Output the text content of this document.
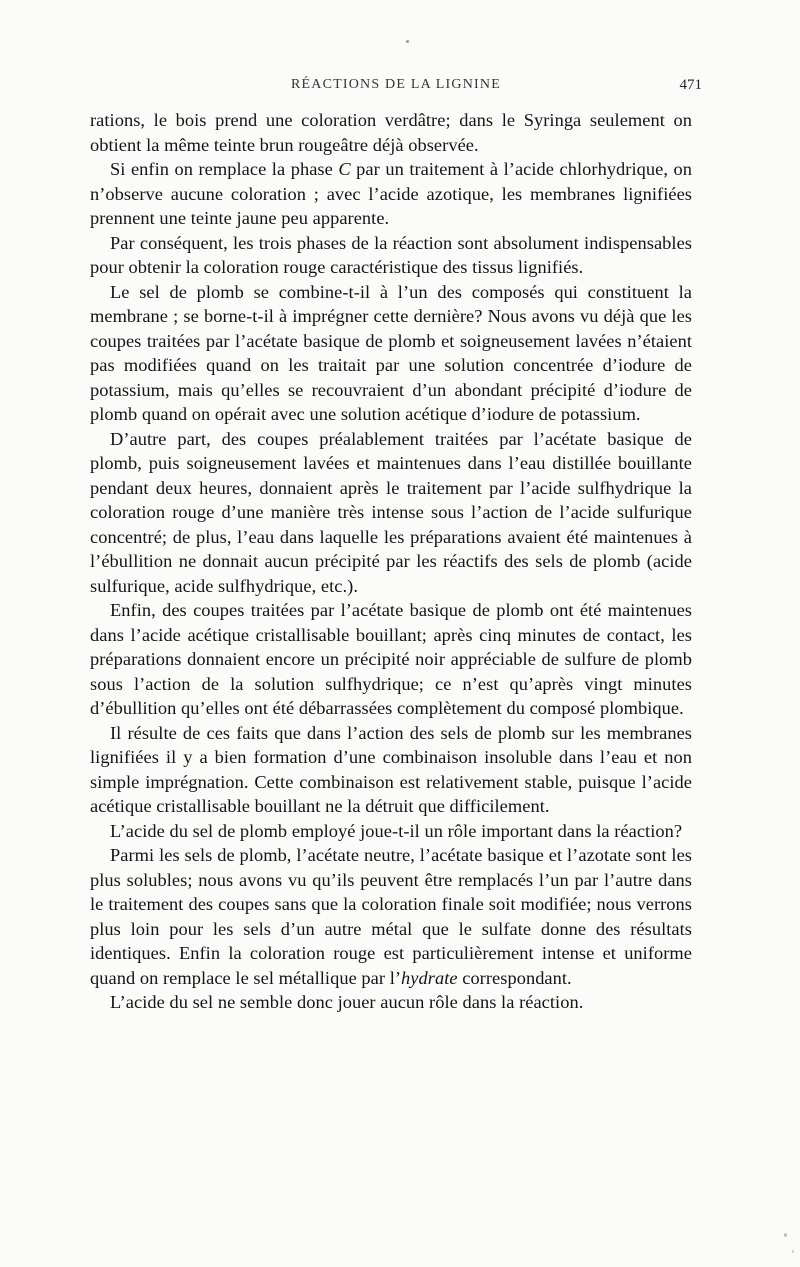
RÉACTIONS DE LA LIGNINE	471

rations, le bois prend une coloration verdâtre; dans le Syringa seulement on obtient la même teinte brun rougeâtre déjà observée.

Si enfin on remplace la phase C par un traitement à l’acide chlorhydrique, on n’observe aucune coloration ; avec l’acide azotique, les membranes lignifiées prennent une teinte jaune peu apparente.

Par conséquent, les trois phases de la réaction sont absolument indispensables pour obtenir la coloration rouge caractéristique des tissus lignifiés.

Le sel de plomb se combine-t-il à l’un des composés qui constituent la membrane ; se borne-t-il à imprégner cette dernière? Nous avons vu déjà que les coupes traitées par l’acétate basique de plomb et soigneusement lavées n’étaient pas modifiées quand on les traitait par une solution concentrée d’iodure de potassium, mais qu’elles se recouvraient d’un abondant précipité d’iodure de plomb quand on opérait avec une solution acétique d’iodure de potassium.

D’autre part, des coupes préalablement traitées par l’acétate basique de plomb, puis soigneusement lavées et maintenues dans l’eau distillée bouillante pendant deux heures, donnaient après le traitement par l’acide sulfhydrique la coloration rouge d’une manière très intense sous l’action de l’acide sulfurique concentré; de plus, l’eau dans laquelle les préparations avaient été maintenues à l’ébullition ne donnait aucun précipité par les réactifs des sels de plomb (acide sulfurique, acide sulfhydrique, etc.).

Enfin, des coupes traitées par l’acétate basique de plomb ont été maintenues dans l’acide acétique cristallisable bouillant; après cinq minutes de contact, les préparations donnaient encore un précipité noir appréciable de sulfure de plomb sous l’action de la solution sulfhydrique; ce n’est qu’après vingt minutes d’ébullition qu’elles ont été débarrassées complètement du composé plombique.

Il résulte de ces faits que dans l’action des sels de plomb sur les membranes lignifiées il y a bien formation d’une combinaison insoluble dans l’eau et non simple imprégnation. Cette combinaison est relativement stable, puisque l’acide acétique cristallisable bouillant ne la détruit que difficilement.

L’acide du sel de plomb employé joue-t-il un rôle important dans la réaction?

Parmi les sels de plomb, l’acétate neutre, l’acétate basique et l’azotate sont les plus solubles; nous avons vu qu’ils peuvent être remplacés l’un par l’autre dans le traitement des coupes sans que la coloration finale soit modifiée; nous verrons plus loin pour les sels d’un autre métal que le sulfate donne des résultats identiques. Enfin la coloration rouge est particulièrement intense et uniforme quand on remplace le sel métallique par l’hydrate correspondant.

L’acide du sel ne semble donc jouer aucun rôle dans la réaction.
